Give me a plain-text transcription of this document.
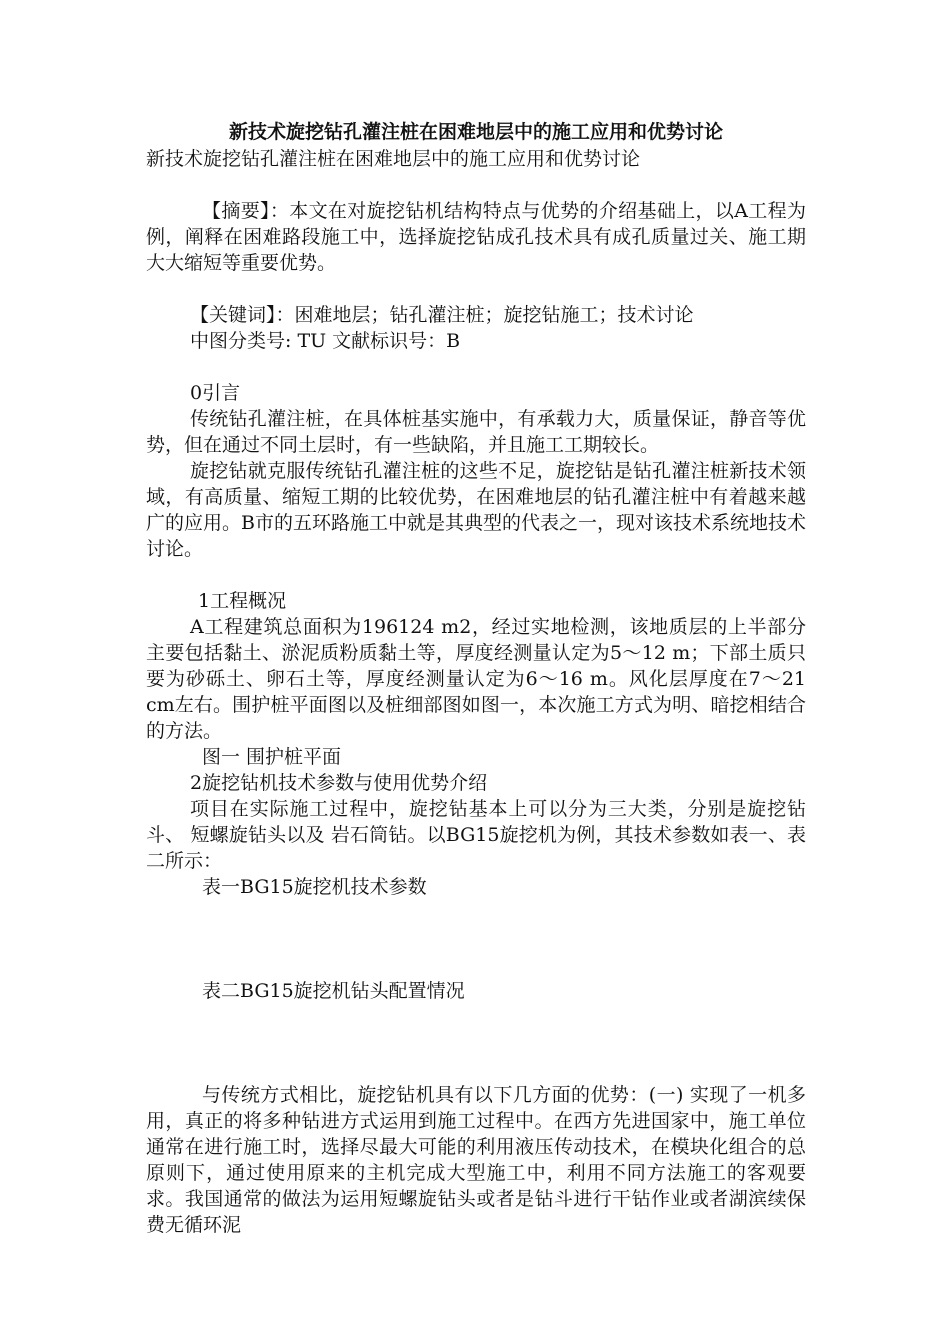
新技术旋挖钻孔灌注桩在困难地层中的施工应用和优势讨论

新技术旋挖钻孔灌注桩在困难地层中的施工应用和优势讨论

【摘要】：本文在对旋挖钻机结构特点与优势的介绍基础上，以A工程为例，阐释在困难路段施工中，选择旋挖钻成孔技术具有成孔质量过关、施工期大大缩短等重要优势。

【关键词】：困难地层；钻孔灌注桩；旋挖钻施工；技术讨论

中图分类号: TU 文献标识号：B

0引言

传统钻孔灌注桩，在具体桩基实施中，有承载力大，质量保证，静音等优势，但在通过不同土层时，有一些缺陷，并且施工工期较长。

旋挖钻就克服传统钻孔灌注桩的这些不足，旋挖钻是钻孔灌注桩新技术领域，有高质量、缩短工期的比较优势，在困难地层的钻孔灌注桩中有着越来越广的应用。B市的五环路施工中就是其典型的代表之一，现对该技术系统地技术讨论。

1工程概况

A工程建筑总面积为196124 m2，经过实地检测，该地质层的上半部分主要包括黏土、淤泥质粉质黏土等，厚度经测量认定为5～12 m；下部土质只要为砂砾土、卵石土等，厚度经测量认定为6～16 m。风化层厚度在7～21 cm左右。围护桩平面图以及桩细部图如图一，本次施工方式为明、暗挖相结合的方法。

图一 围护桩平面

2旋挖钻机技术参数与使用优势介绍

项目在实际施工过程中，旋挖钻基本上可以分为三大类，分别是旋挖钻斗、 短螺旋钻头以及 岩石筒钻。以BG15旋挖机为例，其技术参数如表一、表二所示：

表一BG15旋挖机技术参数

表二BG15旋挖机钻头配置情况

与传统方式相比，旋挖钻机具有以下几方面的优势：(一) 实现了一机多用，真正的将多种钻进方式运用到施工过程中。在西方先进国家中，施工单位通常在进行施工时，选择尽最大可能的利用液压传动技术，在模块化组合的总原则下，通过使用原来的主机完成大型施工中，利用不同方法施工的客观要求。我国通常的做法为运用短螺旋钻头或者是钻斗进行干钻作业或者湖滨续保费无循环泥
